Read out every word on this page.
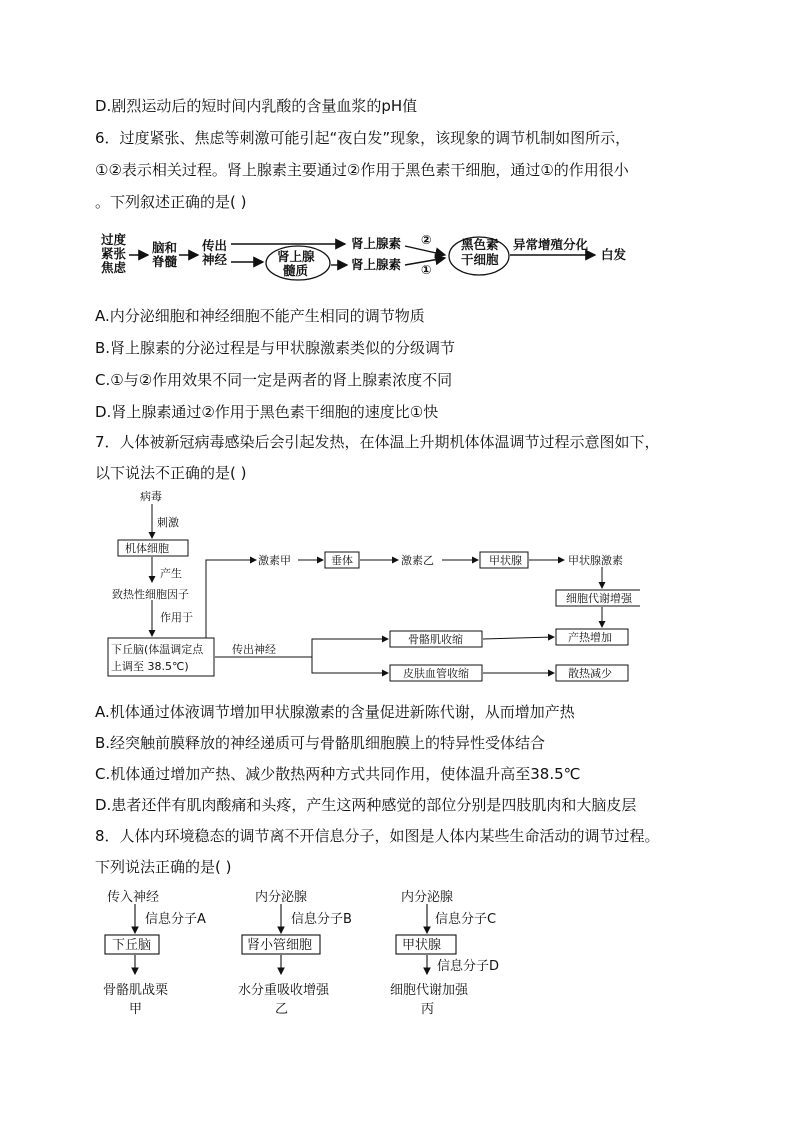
D.剧烈运动后的短时间内乳酸的含量血浆的pH值
6．过度紧张、焦虑等刺激可能引起“夜白发”现象，该现象的调节机制如图所示，
①②表示相关过程。肾上腺素主要通过②作用于黑色素干细胞，通过①的作用很小
。下列叙述正确的是( )
过度
紧张
焦虑
脑和
脊髓
传出
神经	肾上腺
髓质
肾上腺素
肾上腺素
②
①
黑色素
干细胞
异常增殖分化
白发
A.内分泌细胞和神经细胞不能产生相同的调节物质
B.肾上腺素的分泌过程是与甲状腺激素类似的分级调节
C.①与②作用效果不同一定是两者的肾上腺素浓度不同
D.肾上腺素通过②作用于黑色素干细胞的速度比①快
7．人体被新冠病毒感染后会引起发热，在体温上升期机体体温调节过程示意图如下，
以下说法不正确的是( )
病毒
刺激
机体细胞
产生
致热性细胞因子
作用于
下丘脑(体温调定点
上调至 38.5℃)
激素甲	垂体	激素乙	甲状腺	甲状腺激素
细胞代谢增强
传出神经
骨骼肌收缩	产热增加
皮肤血管收缩	散热减少
A.机体通过体液调节增加甲状腺激素的含量促进新陈代谢，从而增加产热
B.经突触前膜释放的神经递质可与骨骼肌细胞膜上的特异性受体结合
C.机体通过增加产热、减少散热两种方式共同作用，使体温升高至38.5℃
D.患者还伴有肌肉酸痛和头疼，产生这两种感觉的部位分别是四肢肌肉和大脑皮层
8．人体内环境稳态的调节离不开信息分子，如图是人体内某些生命活动的调节过程。
下列说法正确的是( )
传入神经
信息分子A
下丘脑
骨骼肌战栗
甲
内分泌腺
信息分子B
肾小管细胞
水分重吸收增强
乙
内分泌腺
信息分子C
甲状腺
信息分子D
细胞代谢加强
丙
